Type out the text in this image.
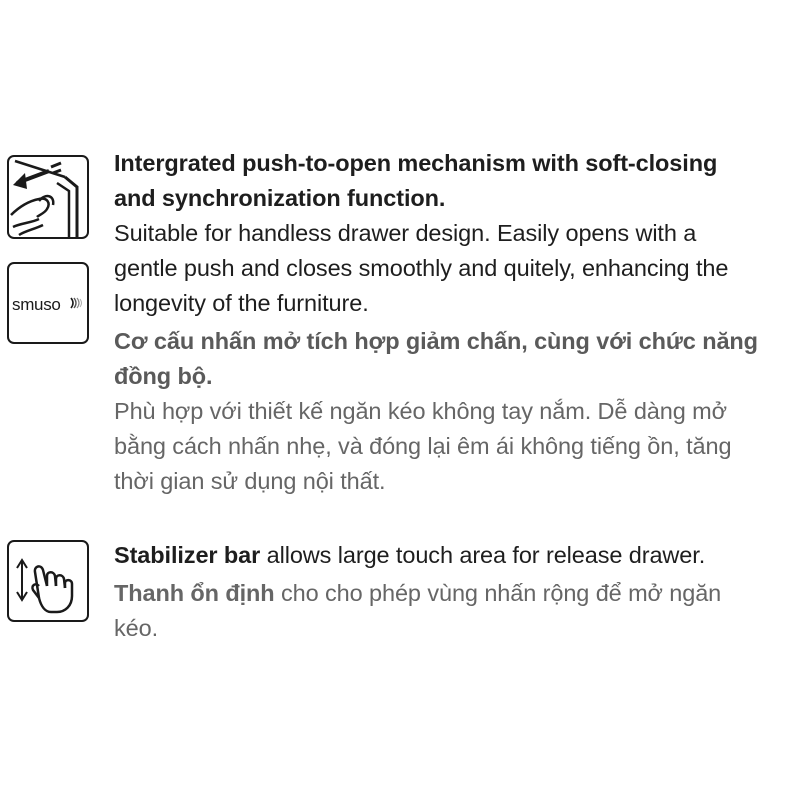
smuso

Intergrated push-to-open mechanism with soft-closing

and synchronization function.

Suitable for handless drawer design. Easily opens with a

gentle push and closes smoothly and quitely, enhancing the

longevity of the furniture.

Cơ cấu nhấn mở tích hợp giảm chấn, cùng với chức năng

đồng bộ.

Phù hợp với thiết kế ngăn kéo không tay nắm. Dễ dàng mở

bằng cách nhấn nhẹ, và đóng lại êm ái không tiếng ồn, tăng

thời gian sử dụng nội thất.

Stabilizer bar allows large touch area for release drawer.

Thanh ổn định cho cho phép vùng nhấn rộng để mở ngăn

kéo.
